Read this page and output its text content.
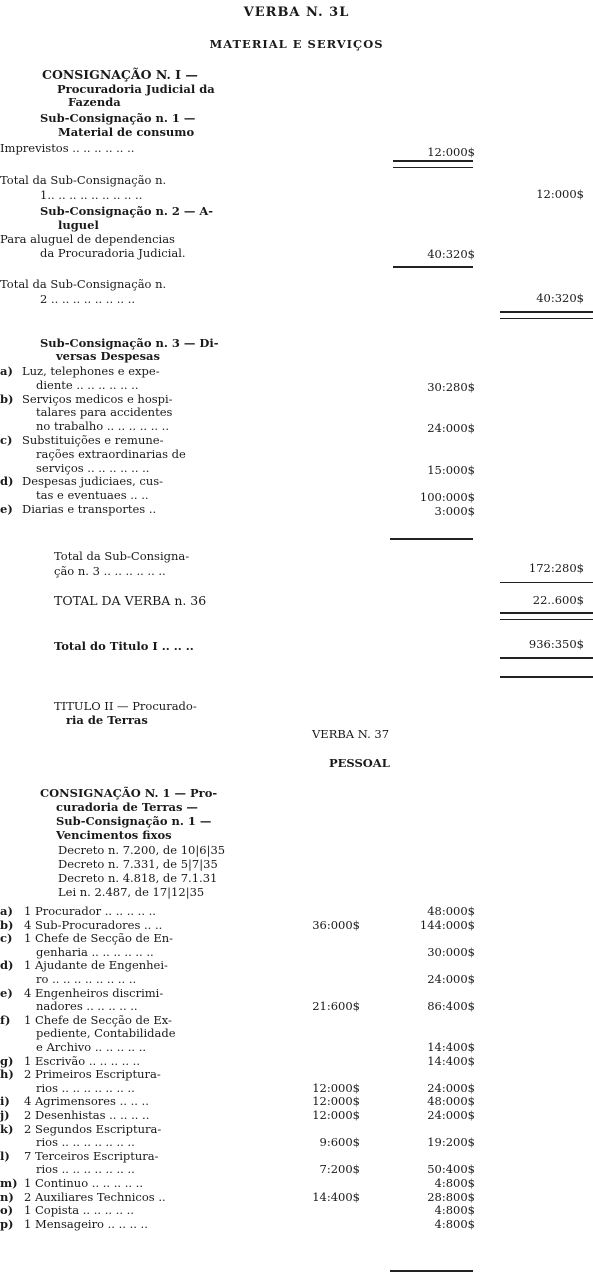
VERBA N. 3L
MATERIAL E SERVIÇOS
CONSIGNAÇÃO N. I —
Procuradoria Judicial da
Fazenda
Sub-Consignação n. 1 —
Material de consumo
Imprevistos .. .. .. .. .. ..	12:000$
Total da Sub-Consignação n.
1.. .. .. .. .. .. .. .. ..	12:000$
Sub-Consignação n. 2 — A-
luguel
Para aluguel de dependencias
da Procuradoria Judicial.	40:320$
Total da Sub-Consignação n.
2 .. .. .. .. .. .. .. ..	40:320$
Sub-Consignação n. 3 — Di-
versas Despesas
a) Luz, telephones e expe-
diente .. .. .. .. .. ..	30:280$
b) Serviços medicos e hospi-
talares para accidentes
no trabalho .. .. .. .. .. ..	24:000$
c) Substituições e remune-
rações extraordinarias de
serviços .. .. .. .. .. ..	15:000$
d) Despesas judiciaes, cus-
tas e eventuaes .. ..	100:000$
e) Diarias e transportes ..	3:000$
Total da Sub-Consigna-
ção n. 3 .. .. .. .. .. ..	172:280$
TOTAL DA VERBA n. 36	22..600$
Total do Titulo I .. .. ..	936:350$
TITULO II — Procurado-
ria de Terras
VERBA N. 37
PESSOAL
CONSIGNAÇÃO N. 1 — Pro-
curadoria de Terras —
Sub-Consignação n. 1 —
Vencimentos fixos
Decreto n. 7.200, de 10|6|35
Decreto n. 7.331, de 5|7|35
Decreto n. 4.818, de 7.1.31
Lei n. 2.487, de 17|12|35
a) 1 Procurador .. .. .. .. ..	48:000$
b) 4 Sub-Procuradores .. ..	36:000$	144:000$
c) 1 Chefe de Secção de En-
genharia .. .. .. .. .. ..	30:000$
d) 1 Ajudante de Engenhei-
ro .. .. .. .. .. .. .. ..	24:000$
e) 4 Engenheiros discrimi-
nadores .. .. .. .. ..	21:600$	86:400$
f) 1 Chefe de Secção de Ex-
pediente, Contabilidade
e Archivo .. .. .. .. ..	14:400$
g) 1 Escrivão .. .. .. .. ..	14:400$
h) 2 Primeiros Escriptura-
rios .. .. .. .. .. .. ..	12:000$	24:000$
i) 4 Agrimensores .. .. ..	12:000$	48:000$
j) 2 Desenhistas .. .. .. ..	12:000$	24:000$
k) 2 Segundos Escriptura-
rios .. .. .. .. .. .. ..	9:600$	19:200$
l) 7 Terceiros Escriptura-
rios .. .. .. .. .. .. ..	7:200$	50:400$
m) 1 Continuo .. .. .. .. ..	4:800$
n) 2 Auxiliares Technicos ..	14:400$	28:800$
o) 1 Copista .. .. .. .. ..	4:800$
p) 1 Mensageiro .. .. .. ..	4:800$
